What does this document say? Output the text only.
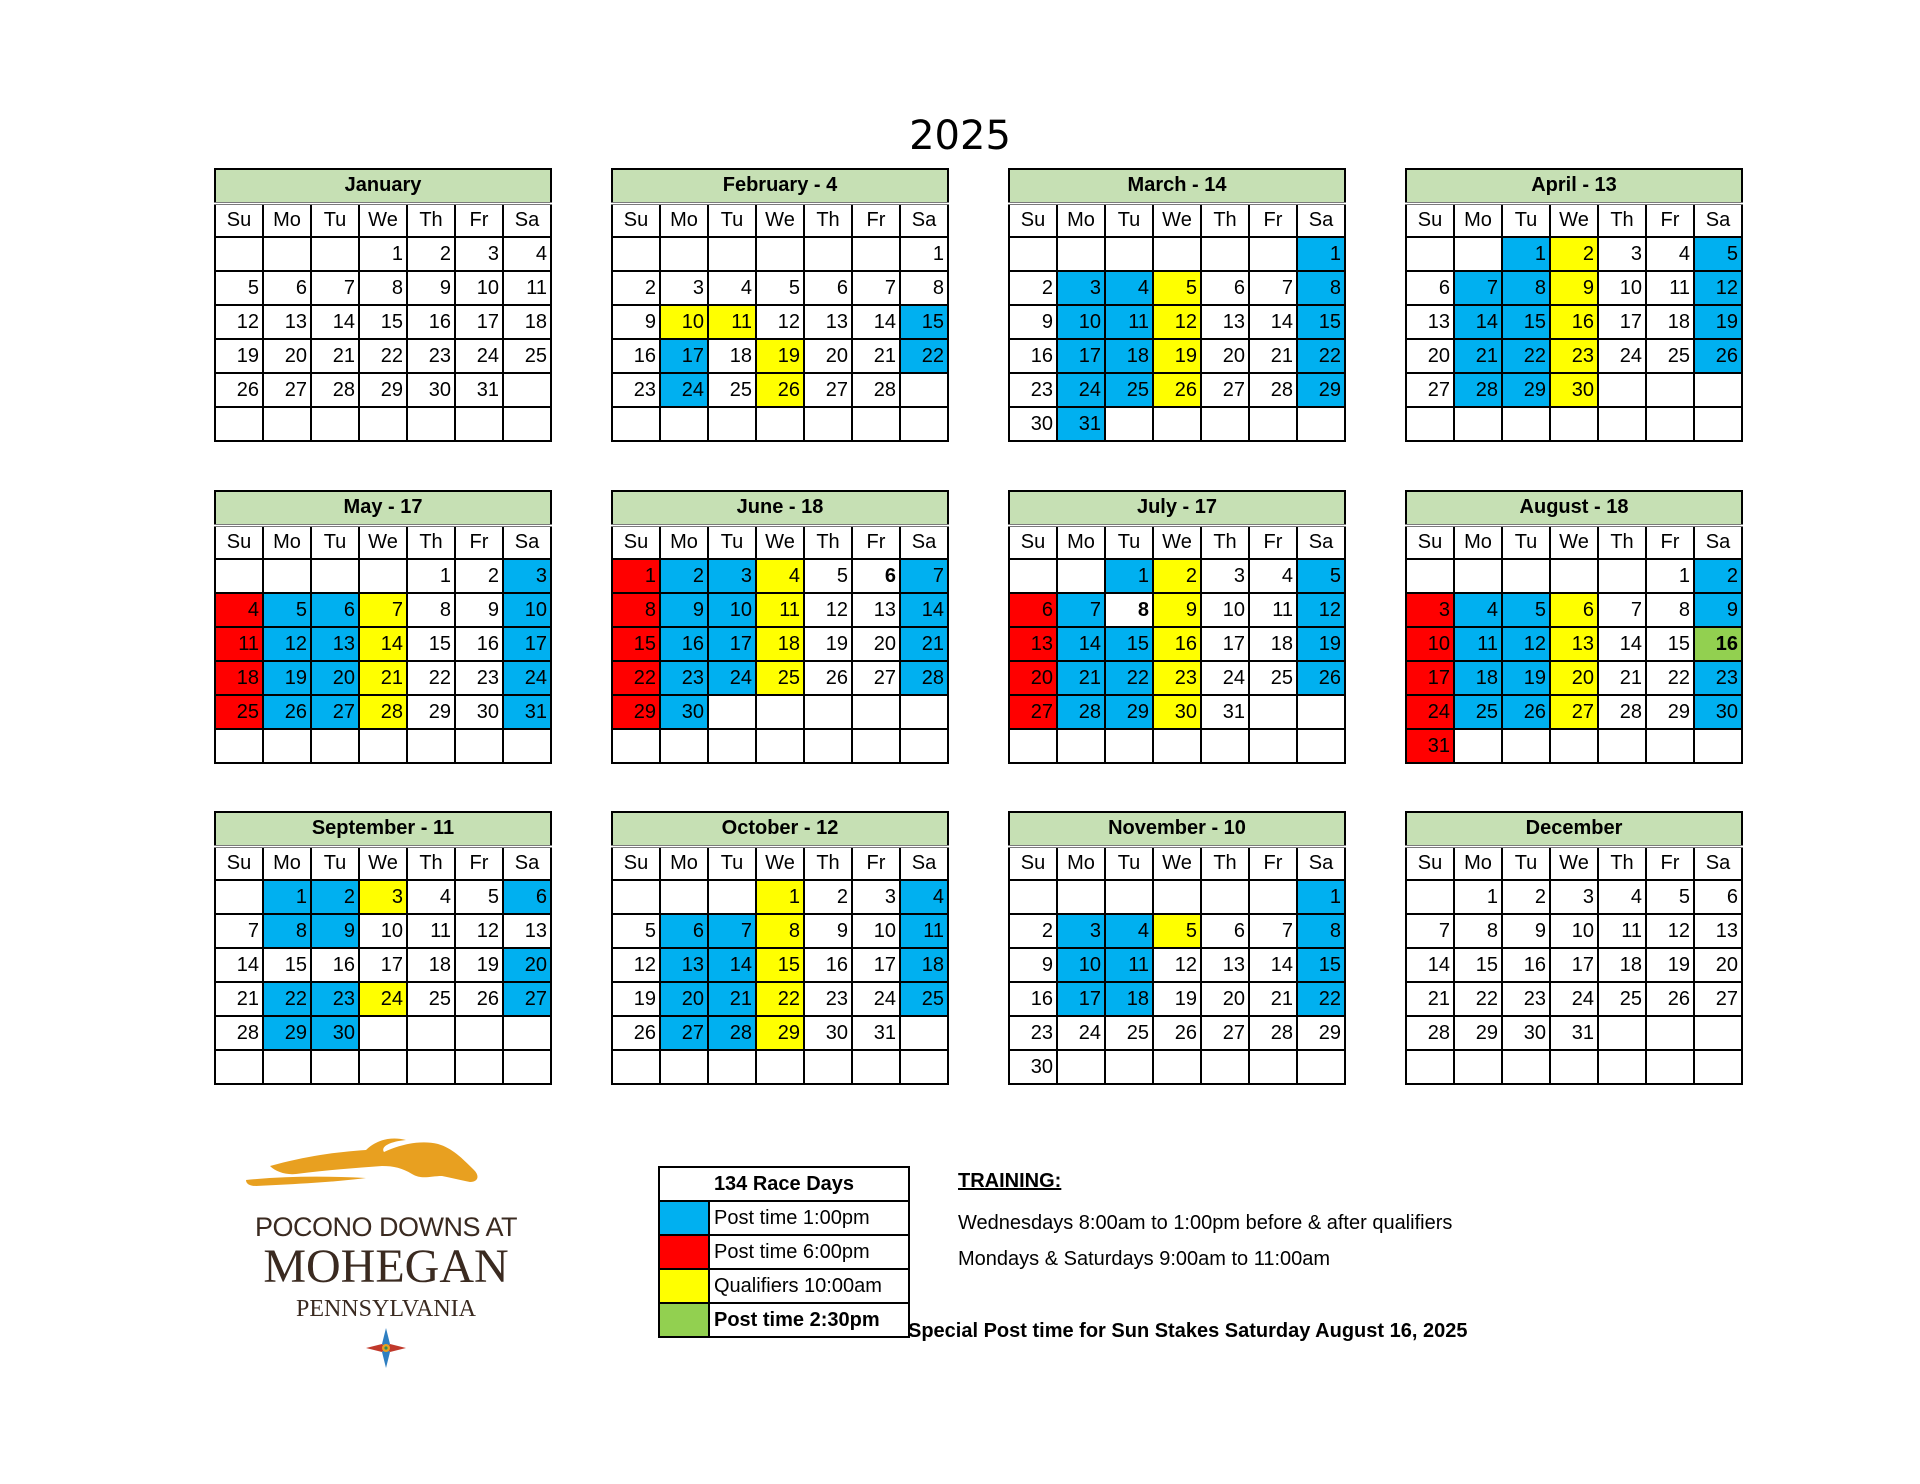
2025
January						
Su	Mo	Tu	We	Th	Fr	Sa
			1	2	3	4
5	6	7	8	9	10	11
12	13	14	15	16	17	18
19	20	21	22	23	24	25
26	27	28	29	30	31	

February - 4						
Su	Mo	Tu	We	Th	Fr	Sa
						1
2	3	4	5	6	7	8
9	10	11	12	13	14	15
16	17	18	19	20	21	22
23	24	25	26	27	28	

March - 14						
Su	Mo	Tu	We	Th	Fr	Sa
						1
2	3	4	5	6	7	8
9	10	11	12	13	14	15
16	17	18	19	20	21	22
23	24	25	26	27	28	29
30	31					
April - 13						
Su	Mo	Tu	We	Th	Fr	Sa
		1	2	3	4	5
6	7	8	9	10	11	12
13	14	15	16	17	18	19
20	21	22	23	24	25	26
27	28	29	30			

May - 17						
Su	Mo	Tu	We	Th	Fr	Sa
				1	2	3
4	5	6	7	8	9	10
11	12	13	14	15	16	17
18	19	20	21	22	23	24
25	26	27	28	29	30	31

June - 18						
Su	Mo	Tu	We	Th	Fr	Sa
1	2	3	4	5	6	7
8	9	10	11	12	13	14
15	16	17	18	19	20	21
22	23	24	25	26	27	28
29	30					

July - 17						
Su	Mo	Tu	We	Th	Fr	Sa
		1	2	3	4	5
6	7	8	9	10	11	12
13	14	15	16	17	18	19
20	21	22	23	24	25	26
27	28	29	30	31		

August - 18						
Su	Mo	Tu	We	Th	Fr	Sa
					1	2
3	4	5	6	7	8	9
10	11	12	13	14	15	16
17	18	19	20	21	22	23
24	25	26	27	28	29	30
31						
September - 11						
Su	Mo	Tu	We	Th	Fr	Sa
	1	2	3	4	5	6
7	8	9	10	11	12	13
14	15	16	17	18	19	20
21	22	23	24	25	26	27
28	29	30				

October - 12						
Su	Mo	Tu	We	Th	Fr	Sa
			1	2	3	4
5	6	7	8	9	10	11
12	13	14	15	16	17	18
19	20	21	22	23	24	25
26	27	28	29	30	31	

November - 10						
Su	Mo	Tu	We	Th	Fr	Sa
						1
2	3	4	5	6	7	8
9	10	11	12	13	14	15
16	17	18	19	20	21	22
23	24	25	26	27	28	29
30						
December						
Su	Mo	Tu	We	Th	Fr	Sa
	1	2	3	4	5	6
7	8	9	10	11	12	13
14	15	16	17	18	19	20
21	22	23	24	25	26	27
28	29	30	31			

POCONO DOWNS AT
MOHEGAN
PENNSYLVANIA
134 Race Days	
	Post time 1:00pm
	Post time 6:00pm
	Qualifiers 10:00am
	Post time 2:30pm
TRAINING:
Wednesdays 8:00am to 1:00pm before & after qualifiers
Mondays & Saturdays 9:00am to 11:00am
Special Post time for Sun Stakes Saturday August 16, 2025
